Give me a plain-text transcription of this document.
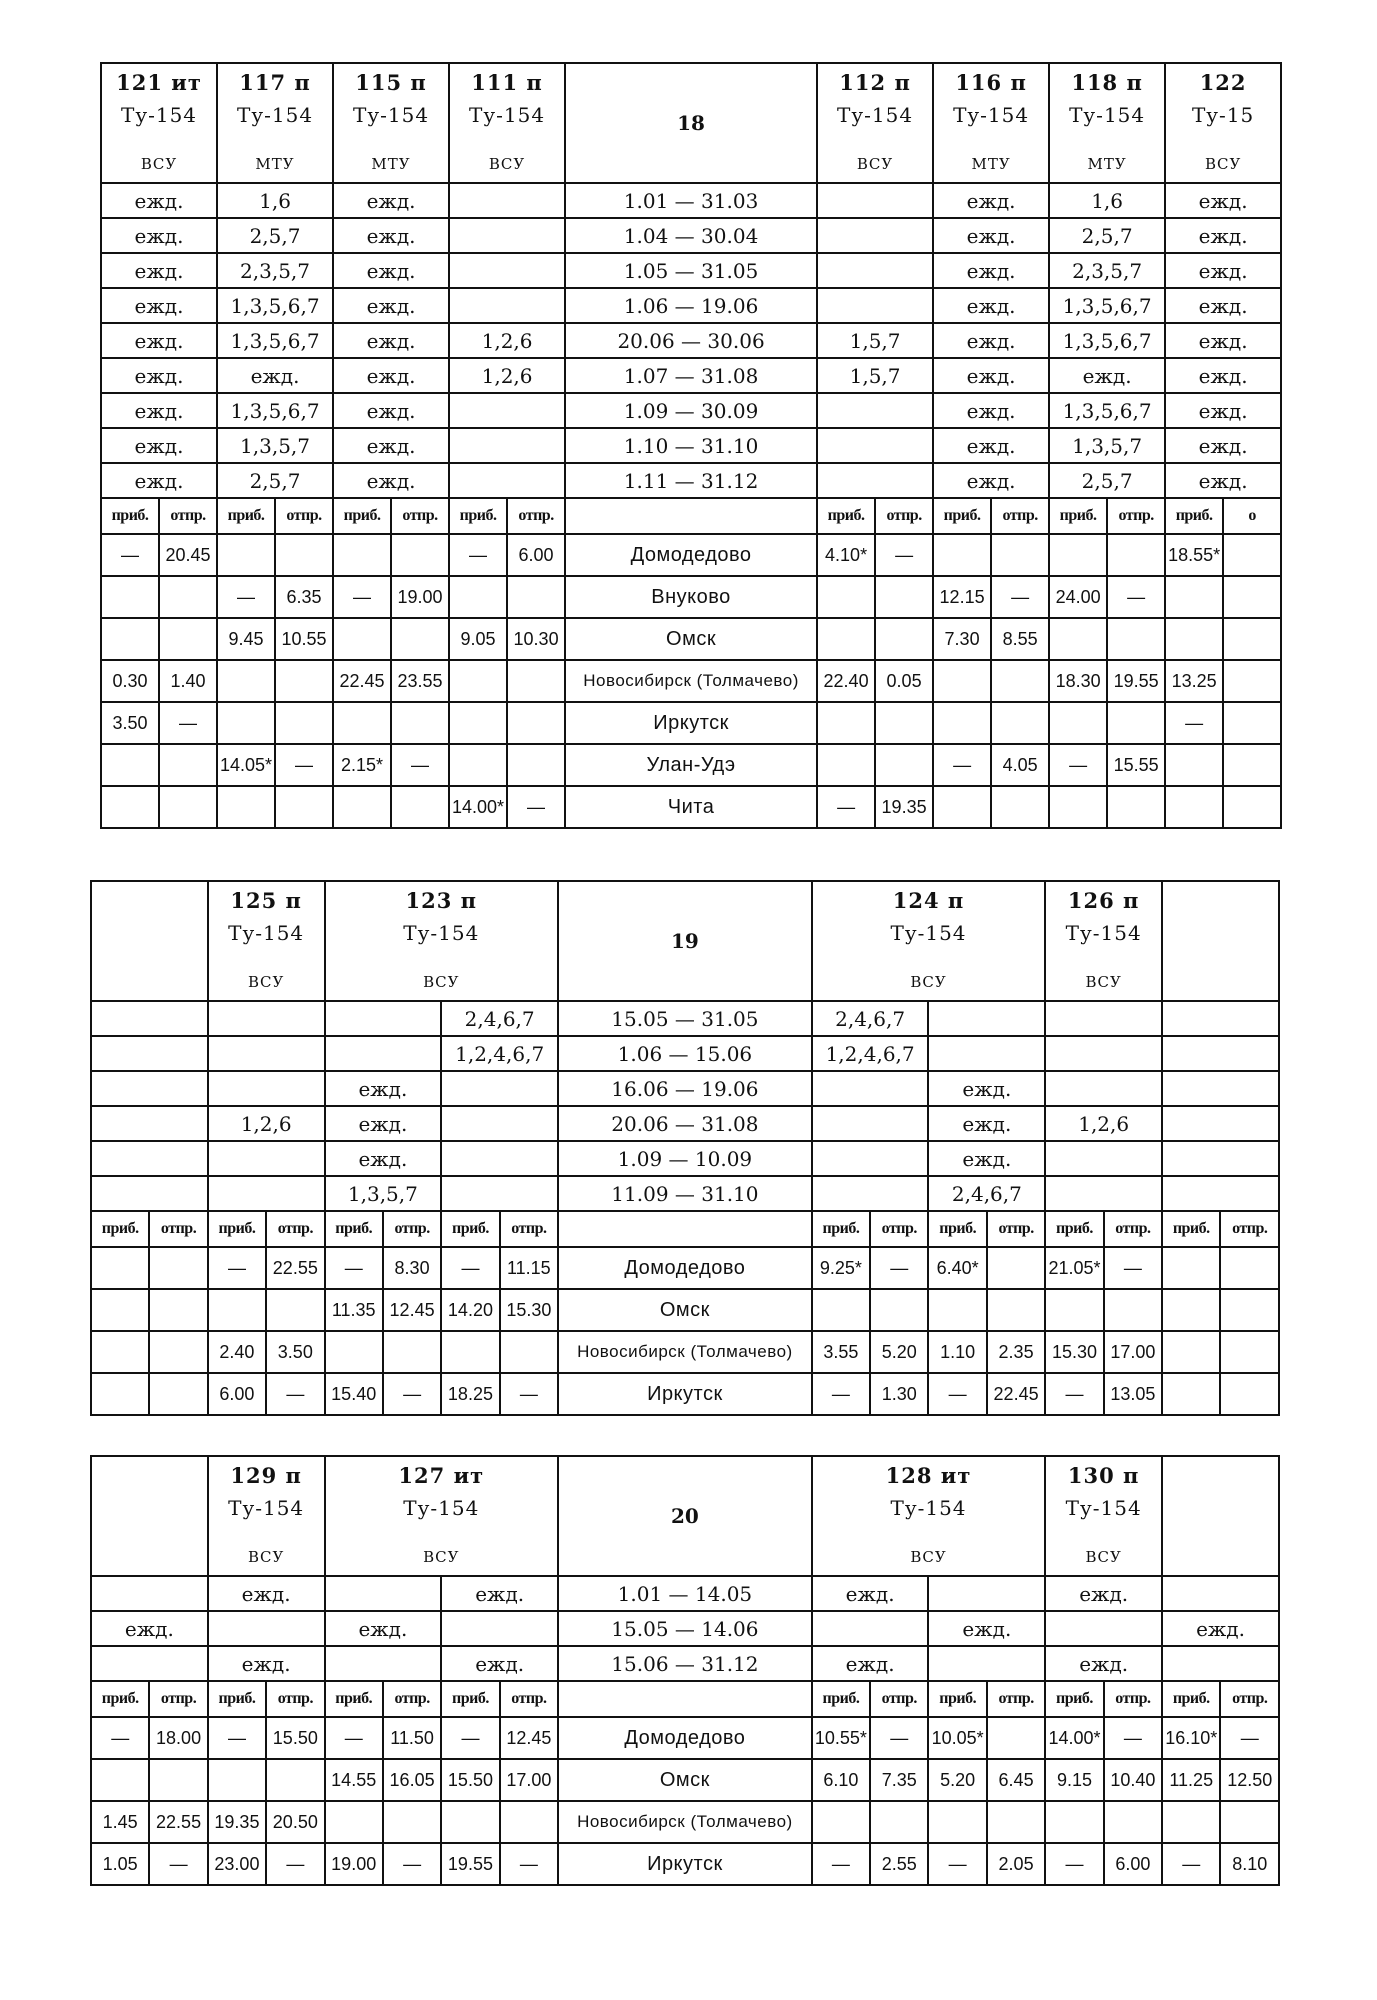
121 ит
Ту-154
ВСУ		117 п
Ту-154
МТУ		115 п
Ту-154
МТУ		111 п
Ту-154
ВСУ		18	112 п
Ту-154
ВСУ		116 п
Ту-154
МТУ		118 п
Ту-154
МТУ		122
Ту-15
ВСУ	

ежд.		1,6		ежд.				1.01 — 31.03			ежд.		1,6		ежд.	
ежд.		2,5,7		ежд.				1.04 — 30.04			ежд.		2,5,7		ежд.	
ежд.		2,3,5,7		ежд.				1.05 — 31.05			ежд.		2,3,5,7		ежд.	
ежд.		1,3,5,6,7		ежд.				1.06 — 19.06			ежд.		1,3,5,6,7		ежд.	
ежд.		1,3,5,6,7		ежд.		1,2,6		20.06 — 30.06	1,5,7		ежд.		1,3,5,6,7		ежд.	
ежд.		ежд.		ежд.		1,2,6		1.07 — 31.08	1,5,7		ежд.		ежд.		ежд.	
ежд.		1,3,5,6,7		ежд.				1.09 — 30.09			ежд.		1,3,5,6,7		ежд.	
ежд.		1,3,5,7		ежд.				1.10 — 31.10			ежд.		1,3,5,7		ежд.	
ежд.		2,5,7		ежд.				1.11 — 31.12			ежд.		2,5,7		ежд.	
приб.	отпр.	приб.	отпр.	приб.	отпр.	приб.	отпр.		приб.	отпр.	приб.	отпр.	приб.	отпр.	приб.	о
—	20.45					—	6.00	Домодедово	4.10*	—					18.55*	
		—	6.35	—	19.00			Внуково			12.15	—	24.00	—		
		9.45	10.55			9.05	10.30	Омск			7.30	8.55				
0.30	1.40			22.45	23.55			Новосибирск (Толмачево)	22.40	0.05			18.30	19.55	13.25	
3.50	—							Иркутск							—	
		14.05*	—	2.15*	—			Улан-Удэ			—	4.05	—	15.55		
						14.00*	—	Чита	—	19.35						

		125 п
Ту-154
ВСУ		123 п
Ту-154
ВСУ				19	124 п
Ту-154
ВСУ				126 п
Ту-154
ВСУ			

						2,4,6,7		15.05 — 31.05	2,4,6,7							
						1,2,4,6,7		1.06 — 15.06	1,2,4,6,7							
				ежд.				16.06 — 19.06			ежд.					
		1,2,6		ежд.				20.06 — 31.08			ежд.		1,2,6			
				ежд.				1.09 — 10.09			ежд.					
				1,3,5,7				11.09 — 31.10			2,4,6,7					
приб.	отпр.	приб.	отпр.	приб.	отпр.	приб.	отпр.		приб.	отпр.	приб.	отпр.	приб.	отпр.	приб.	отпр.
		—	22.55	—	8.30	—	11.15	Домодедово	9.25*	—	6.40*		21.05*	—		
				11.35	12.45	14.20	15.30	Омск								
		2.40	3.50					Новосибирск (Толмачево)	3.55	5.20	1.10	2.35	15.30	17.00		
		6.00	—	15.40	—	18.25	—	Иркутск	—	1.30	—	22.45	—	13.05		

		129 п
Ту-154
ВСУ		127 ит
Ту-154
ВСУ				20	128 ит
Ту-154
ВСУ				130 п
Ту-154
ВСУ			

		ежд.				ежд.		1.01 — 14.05	ежд.				ежд.			
ежд.				ежд.				15.05 — 14.06			ежд.				ежд.	
		ежд.				ежд.		15.06 — 31.12	ежд.				ежд.			
приб.	отпр.	приб.	отпр.	приб.	отпр.	приб.	отпр.		приб.	отпр.	приб.	отпр.	приб.	отпр.	приб.	отпр.
—	18.00	—	15.50	—	11.50	—	12.45	Домодедово	10.55*	—	10.05*		14.00*	—	16.10*	—
				14.55	16.05	15.50	17.00	Омск	6.10	7.35	5.20	6.45	9.15	10.40	11.25	12.50
1.45	22.55	19.35	20.50					Новосибирск (Толмачево)								
1.05	—	23.00	—	19.00	—	19.55	—	Иркутск	—	2.55	—	2.05	—	6.00	—	8.10
